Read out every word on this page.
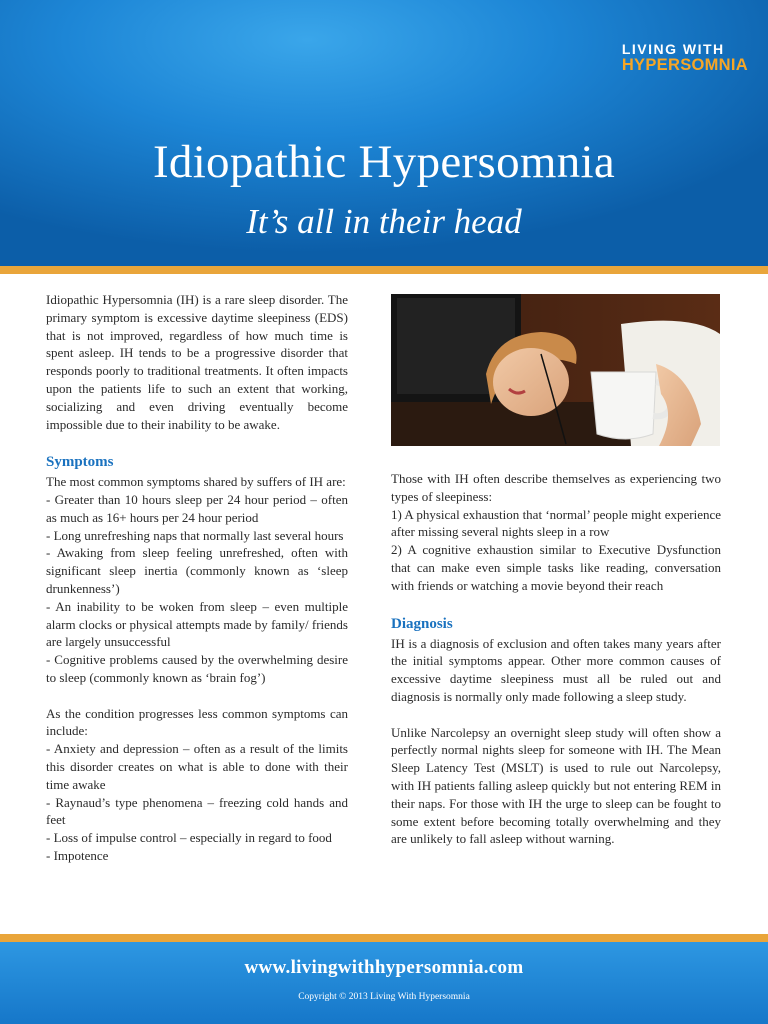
LIVING WITH
HYPERSOMNIA
Idiopathic Hypersomnia
It’s all in their head

Idiopathic Hypersomnia (IH) is a rare sleep disorder. The primary symptom is excessive daytime sleepiness (EDS) that is not improved, regardless of how much time is spent asleep. IH tends to be a progressive disorder that responds poorly to traditional treatments. It often impacts upon the patients life to such an extent that working, socializing and even driving eventually become impossible due to their inability to be awake.

Symptoms

The most common symptoms shared by suffers of IH are:

- Greater than 10 hours sleep per 24 hour period – often as much as 16+ hours per 24 hour period

- Long unrefreshing naps that normally last several hours

- Awaking from sleep feeling unrefreshed, often with significant sleep inertia (commonly known as ‘sleep drunkenness’)

- An inability to be woken from sleep – even multiple alarm clocks or physical attempts made by family/ friends are largely unsuccessful

- Cognitive problems caused by the overwhelming desire to sleep (commonly known as ‘brain fog’)

As the condition progresses less common symptoms can include:

- Anxiety and depression – often as a result of the limits this disorder creates on what is able to done with their time awake

- Raynaud’s type phenomena – freezing cold hands and feet

- Loss of impulse control – especially in regard to food

- Impotence

Those with IH often describe themselves as experiencing two types of sleepiness:

1) A physical exhaustion that ‘normal’ people might experience after missing several nights sleep in a row

2) A cognitive exhaustion similar to Executive Dysfunction that can make even simple tasks like reading, conversation with friends or watching a movie beyond their reach

Diagnosis

IH is a diagnosis of exclusion and often takes many years after the initial symptoms appear. Other more common causes of excessive daytime sleepiness must all be ruled out and diagnosis is normally only made following a sleep study.

Unlike Narcolepsy an overnight sleep study will often show a perfectly normal nights sleep for someone with IH. The Mean Sleep Latency Test (MSLT) is used to rule out Narcolepsy, with IH patients falling asleep quickly but not entering REM in their naps. For those with IH the urge to sleep can be fought to some extent before becoming totally overwhelming and they are unlikely to fall asleep without warning.

www.livingwithhypersomnia.com
Copyright © 2013 Living With Hypersomnia
